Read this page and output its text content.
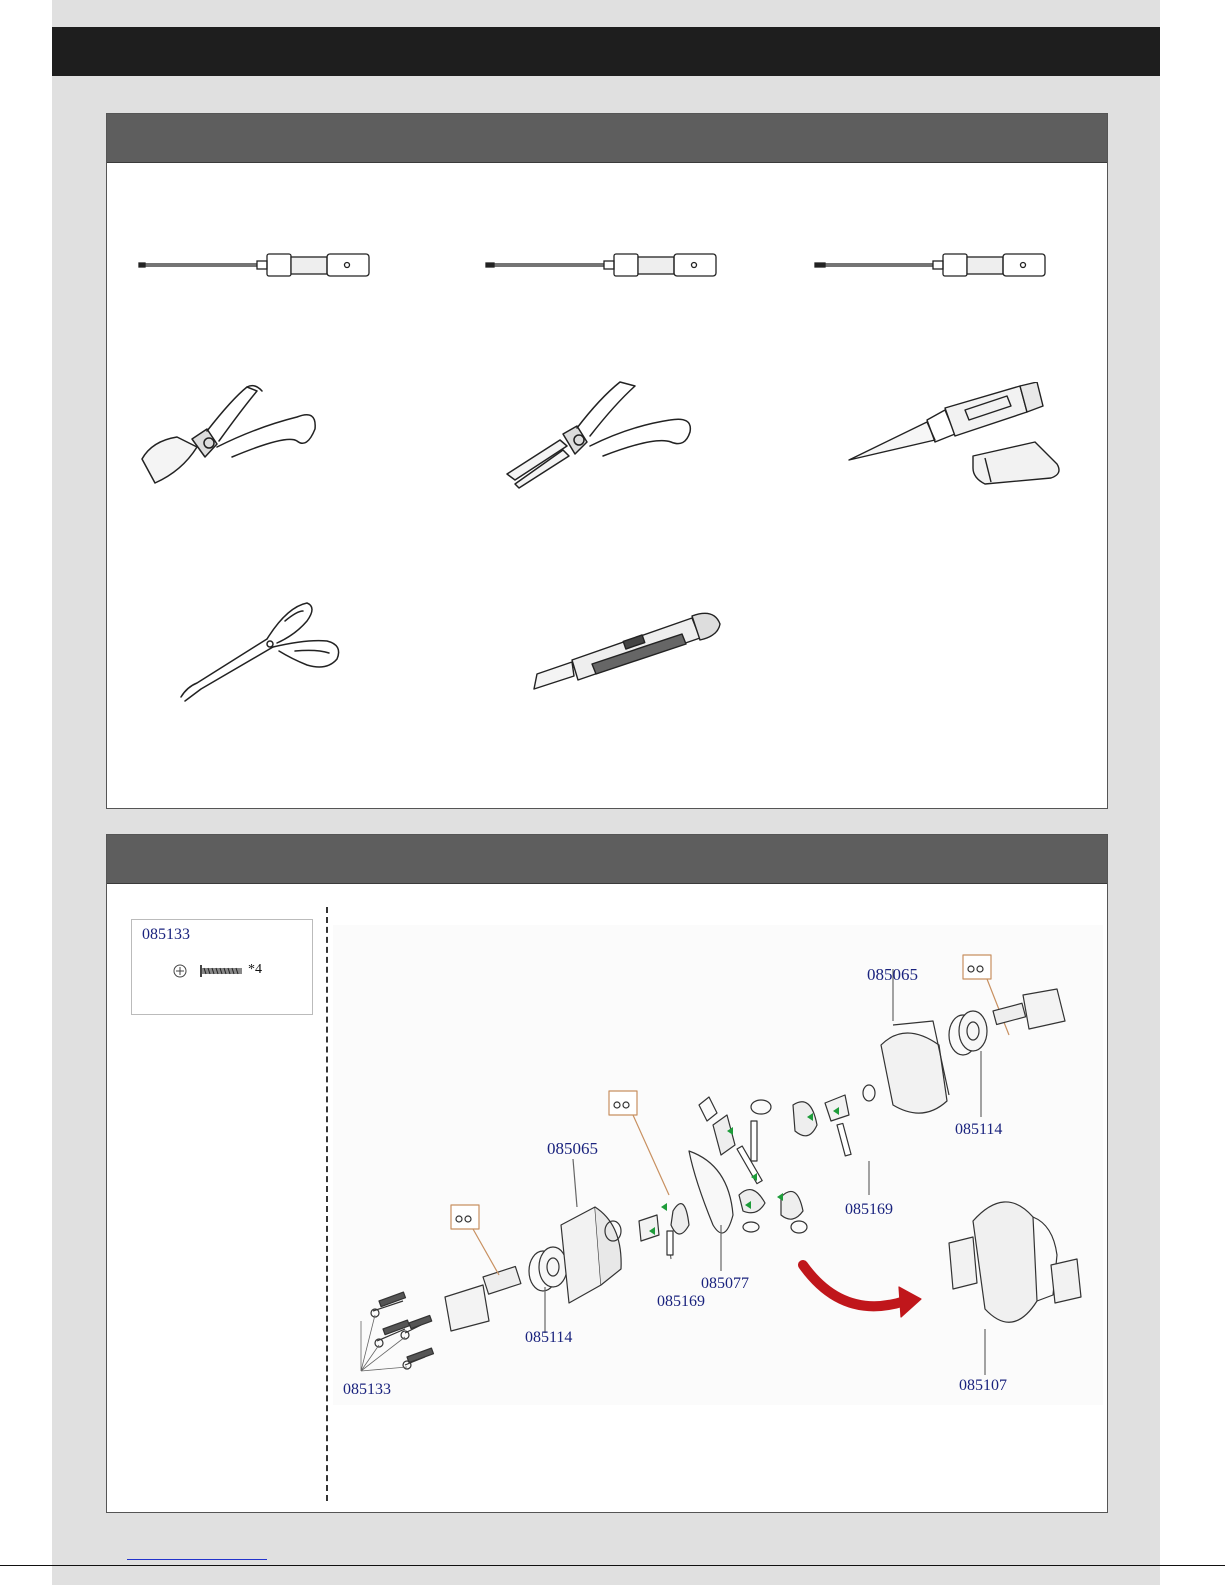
085133
*4	085065
085114
085169
085065
085077
085169
085114
085133	085107
